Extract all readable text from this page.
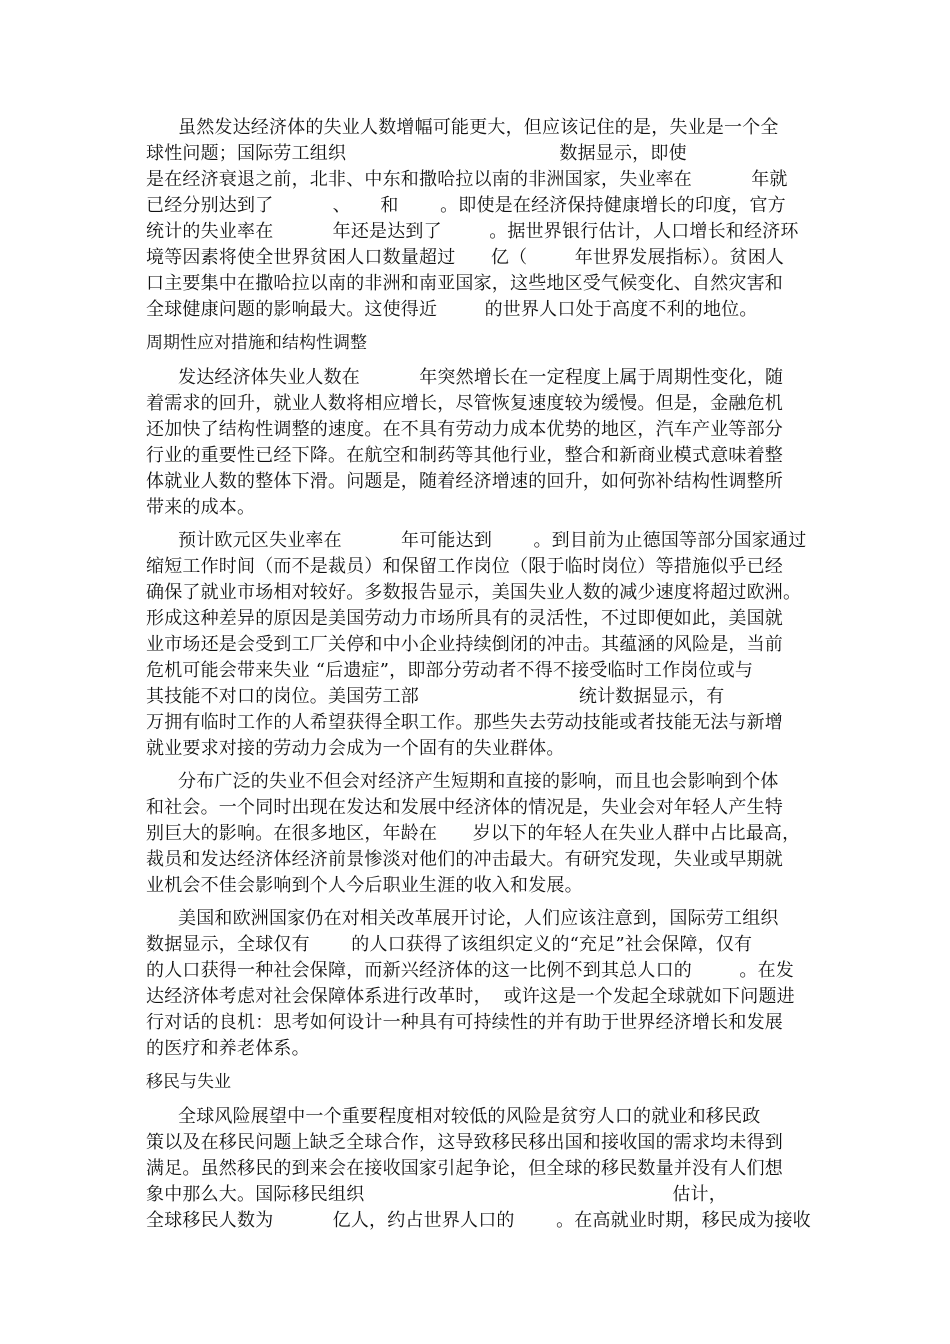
虽然发达经济体的失业人数增幅可能更大，但应该记住的是，失业是一个全
球性问题；国际劳工组织                                    数据显示，即使
是在经济衰退之前，北非、中东和撒哈拉以南的非洲国家，失业率在          年就
已经分别达到了          、     和       。即使是在经济保持健康增长的印度，官方
统计的失业率在          年还是达到了        。据世界银行估计，人口增长和经济环
境等因素将使全世界贫困人口数量超过      亿（        年世界发展指标）。贫困人
口主要集中在撒哈拉以南的非洲和南亚国家，这些地区受气候变化、自然灾害和
全球健康问题的影响最大。这使得近        的世界人口处于高度不利的地位。
周期性应对措施和结构性调整
发达经济体失业人数在          年突然增长在一定程度上属于周期性变化，随
着需求的回升，就业人数将相应增长，尽管恢复速度较为缓慢。但是，金融危机
还加快了结构性调整的速度。在不具有劳动力成本优势的地区，汽车产业等部分
行业的重要性已经下降。在航空和制药等其他行业，整合和新商业模式意味着整
体就业人数的整体下滑。问题是，随着经济增速的回升，如何弥补结构性调整所
带来的成本。
预计欧元区失业率在          年可能达到       。到目前为止德国等部分国家通过
缩短工作时间（而不是裁员）和保留工作岗位（限于临时岗位）等措施似乎已经
确保了就业市场相对较好。多数报告显示，美国失业人数的减少速度将超过欧洲。
形成这种差异的原因是美国劳动力市场所具有的灵活性，不过即便如此，美国就
业市场还是会受到工厂关停和中小企业持续倒闭的冲击。其蕴涵的风险是，当前
危机可能会带来失业 “后遗症”，即部分劳动者不得不接受临时工作岗位或与
其技能不对口的岗位。美国劳工部                           统计数据显示，有
万拥有临时工作的人希望获得全职工作。那些失去劳动技能或者技能无法与新增
就业要求对接的劳动力会成为一个固有的失业群体。
分布广泛的失业不但会对经济产生短期和直接的影响，而且也会影响到个体
和社会。一个同时出现在发达和发展中经济体的情况是，失业会对年轻人产生特
别巨大的影响。在很多地区，年龄在      岁以下的年轻人在失业人群中占比最高，
裁员和发达经济体经济前景惨淡对他们的冲击最大。有研究发现，失业或早期就
业机会不佳会影响到个人今后职业生涯的收入和发展。
美国和欧洲国家仍在对相关改革展开讨论，人们应该注意到，国际劳工组织
数据显示，全球仅有       的人口获得了该组织定义的“充足”社会保障，仅有
的人口获得一种社会保障，而新兴经济体的这一比例不到其总人口的        。在发
达经济体考虑对社会保障体系进行改革时，  或许这是一个发起全球就如下问题进
行对话的良机：思考如何设计一种具有可持续性的并有助于世界经济增长和发展
的医疗和养老体系。
移民与失业
全球风险展望中一个重要程度相对较低的风险是贫穷人口的就业和移民政
策以及在移民问题上缺乏全球合作，这导致移民移出国和接收国的需求均未得到
满足。虽然移民的到来会在接收国家引起争论，但全球的移民数量并没有人们想
象中那么大。国际移民组织                                                    估计，
全球移民人数为          亿人，约占世界人口的       。在高就业时期，移民成为接收
